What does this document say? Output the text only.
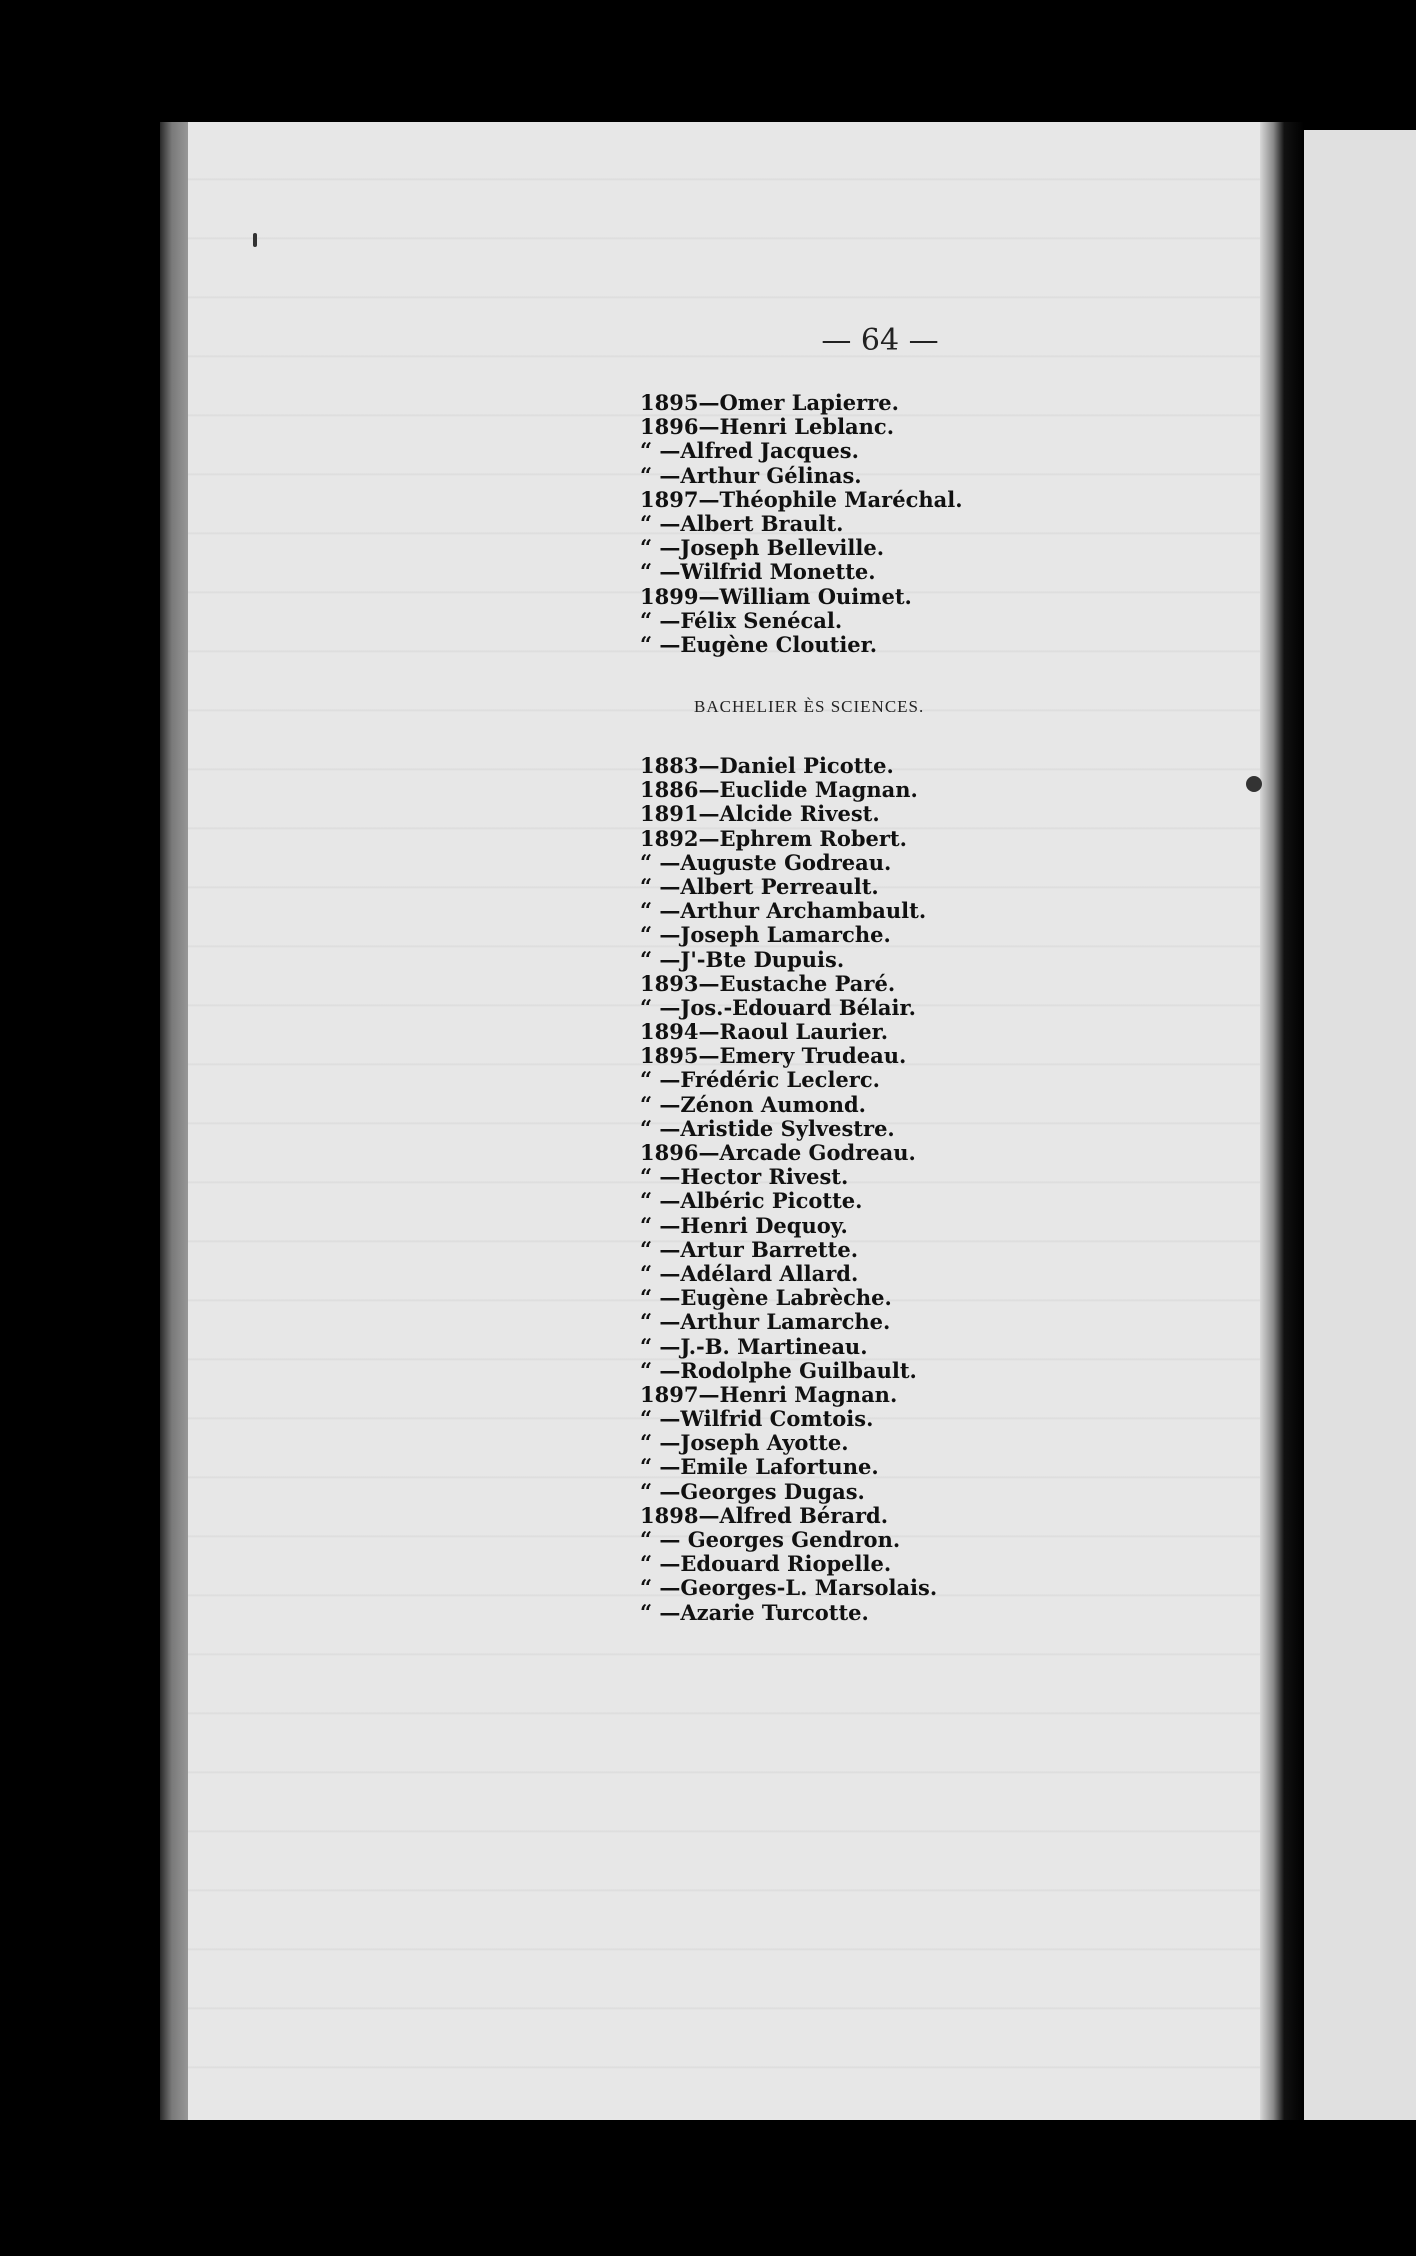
— 64 —
1895—Omer Lapierre.
1896—Henri Leblanc.
“ —Alfred Jacques.
“ —Arthur Gélinas.
1897—Théophile Maréchal.
“ —Albert Brault.
“ —Joseph Belleville.
“ —Wilfrid Monette.
1899—William Ouimet.
“ —Félix Senécal.
“ —Eugène Cloutier.
BACHELIER ÈS SCIENCES.
1883—Daniel Picotte.
1886—Euclide Magnan.
1891—Alcide Rivest.
1892—Ephrem Robert.
“ —Auguste Godreau.
“ —Albert Perreault.
“ —Arthur Archambault.
“ —Joseph Lamarche.
“ —J'-Bte Dupuis.
1893—Eustache Paré.
“ —Jos.-Edouard Bélair.
1894—Raoul Laurier.
1895—Emery Trudeau.
“ —Frédéric Leclerc.
“ —Zénon Aumond.
“ —Aristide Sylvestre.
1896—Arcade Godreau.
“ —Hector Rivest.
“ —Albéric Picotte.
“ —Henri Dequoy.
“ —Artur Barrette.
“ —Adélard Allard.
“ —Eugène Labrèche.
“ —Arthur Lamarche.
“ —J.-B. Martineau.
“ —Rodolphe Guilbault.
1897—Henri Magnan.
“ —Wilfrid Comtois.
“ —Joseph Ayotte.
“ —Emile Lafortune.
“ —Georges Dugas.
1898—Alfred Bérard.
“ — Georges Gendron.
“ —Edouard Riopelle.
“ —Georges-L. Marsolais.
“ —Azarie Turcotte.
